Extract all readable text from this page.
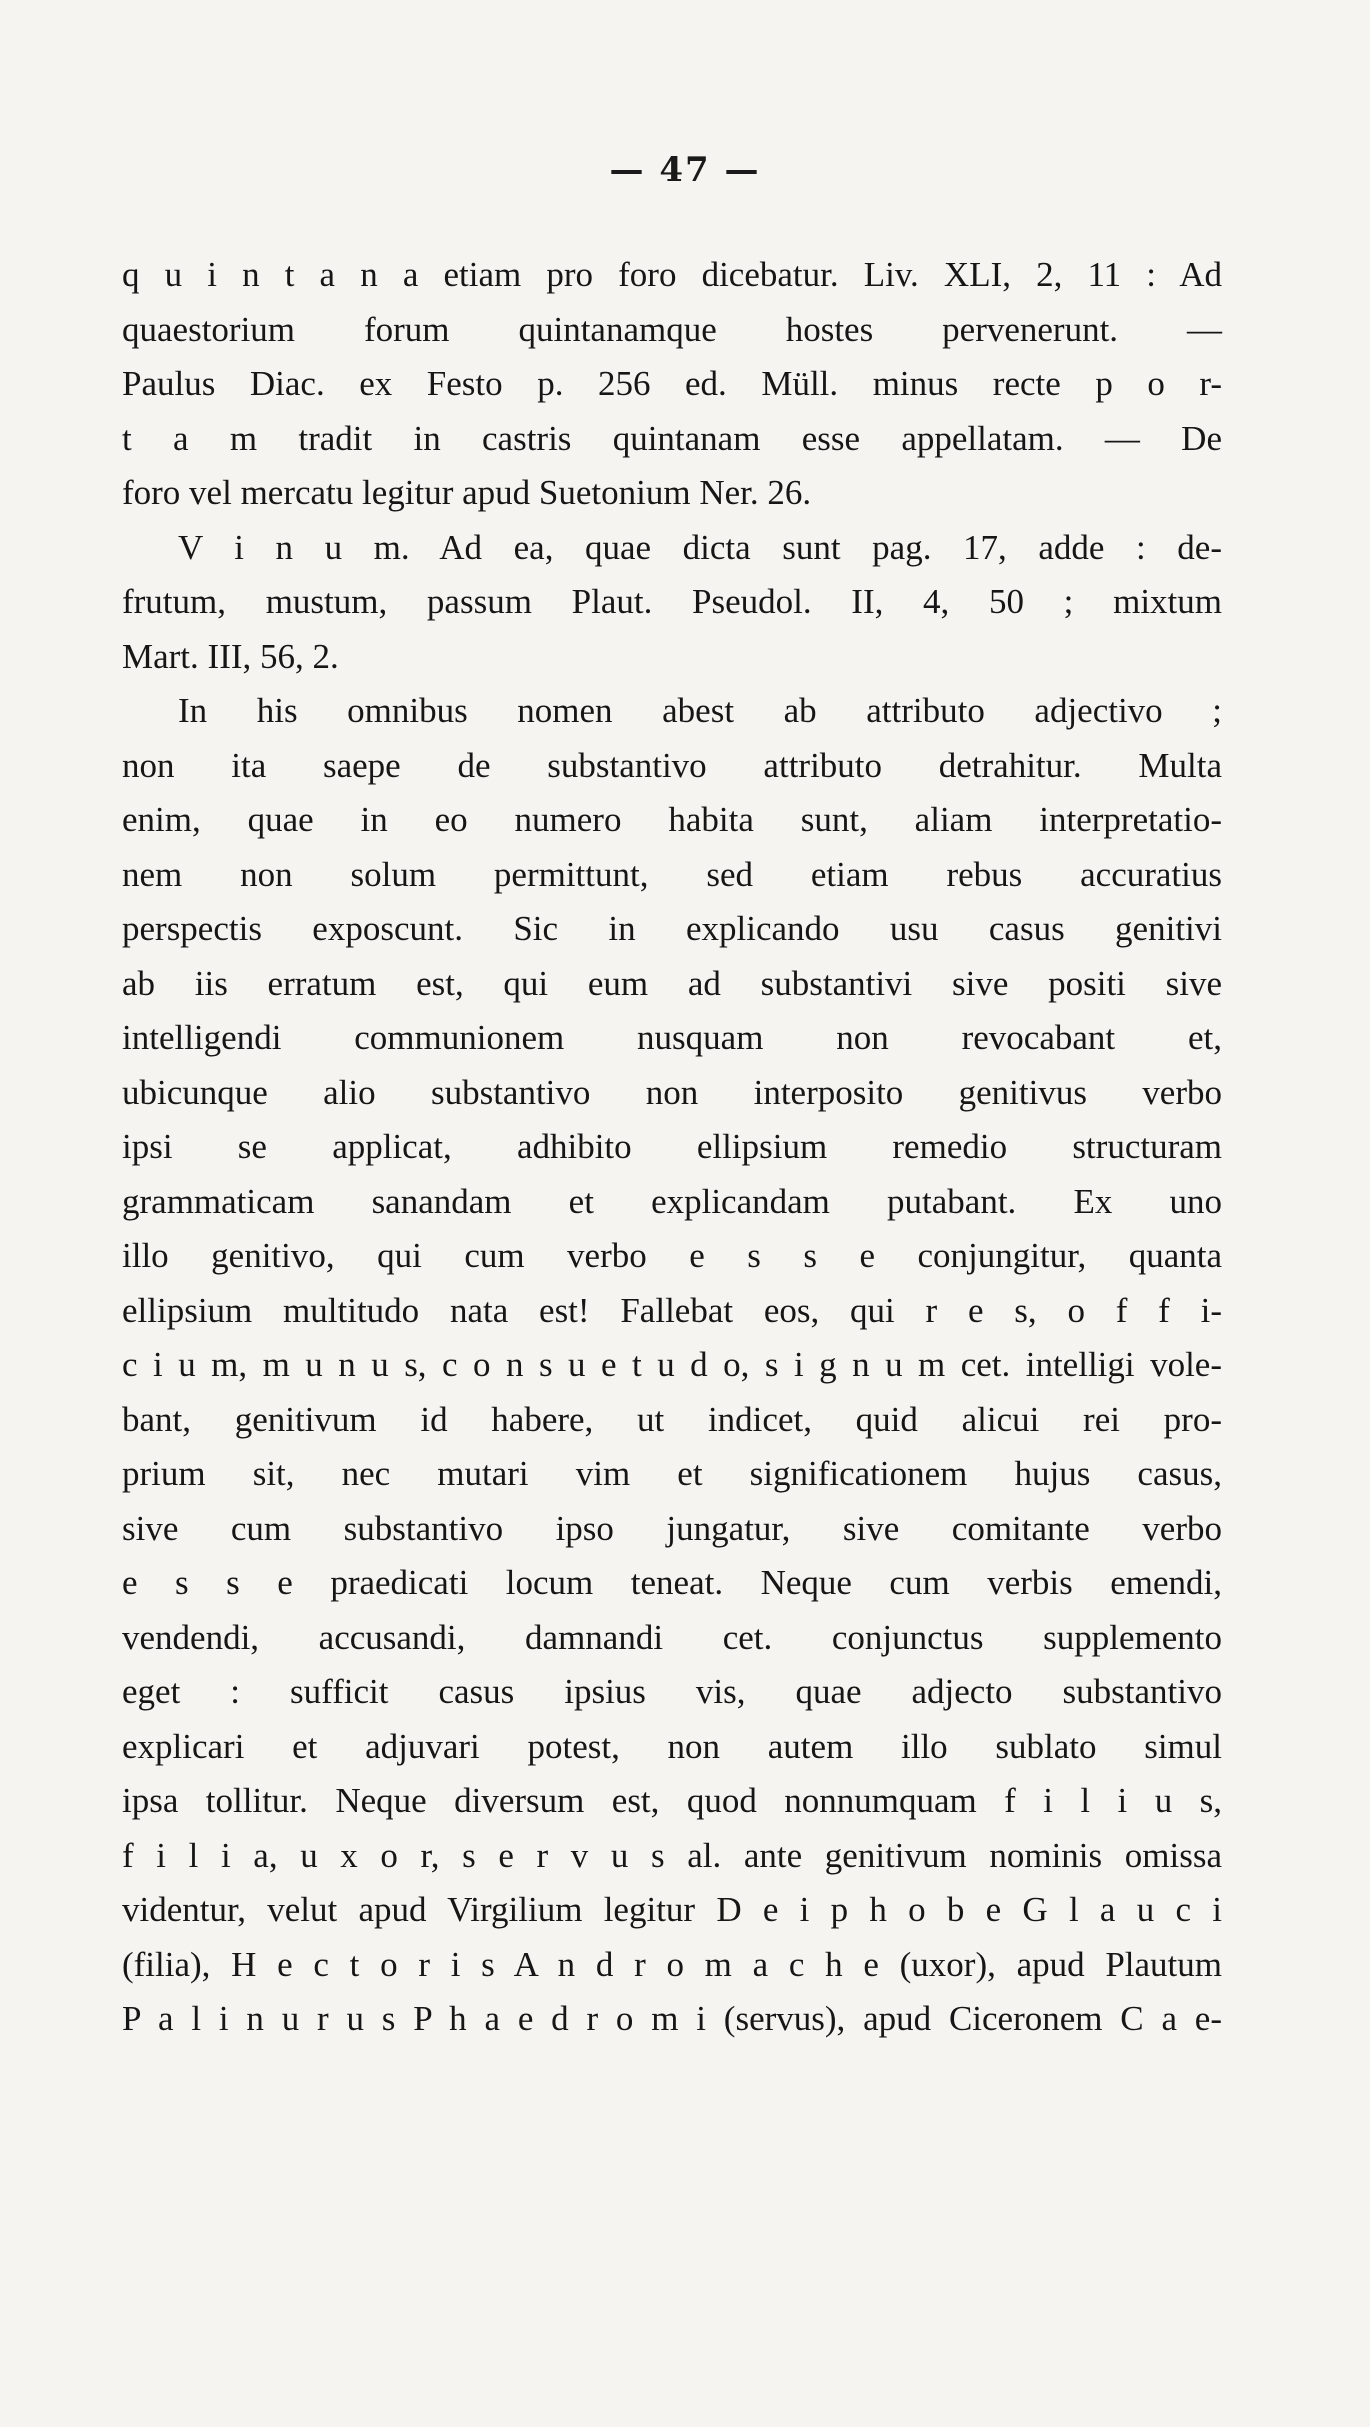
— 47 —
q u i n t a n a etiam pro foro dicebatur. Liv. XLI, 2, 11 : Ad
quaestorium forum quintanamque hostes pervenerunt. —
Paulus Diac. ex Festo p. 256 ed. Müll. minus recte p o r-
t a m tradit in castris quintanam esse appellatam. — De
foro vel mercatu legitur apud Suetonium Ner. 26.
V i n u m. Ad ea, quae dicta sunt pag. 17, adde : de-
frutum, mustum, passum Plaut. Pseudol. II, 4, 50 ; mixtum
Mart. III, 56, 2.
In his omnibus nomen abest ab attributo adjectivo ;
non ita saepe de substantivo attributo detrahitur. Multa
enim, quae in eo numero habita sunt, aliam interpretatio-
nem non solum permittunt, sed etiam rebus accuratius
perspectis exposcunt. Sic in explicando usu casus genitivi
ab iis erratum est, qui eum ad substantivi sive positi sive
intelligendi communionem nusquam non revocabant et,
ubicunque alio substantivo non interposito genitivus verbo
ipsi se applicat, adhibito ellipsium remedio structuram
grammaticam sanandam et explicandam putabant. Ex uno
illo genitivo, qui cum verbo e s s e conjungitur, quanta
ellipsium multitudo nata est! Fallebat eos, qui r e s, o f f i-
c i u m, m u n u s, c o n s u e t u d o, s i g n u m cet. intelligi vole-
bant, genitivum id habere, ut indicet, quid alicui rei pro-
prium sit, nec mutari vim et significationem hujus casus,
sive cum substantivo ipso jungatur, sive comitante verbo
e s s e praedicati locum teneat. Neque cum verbis emendi,
vendendi, accusandi, damnandi cet. conjunctus supplemento
eget : sufficit casus ipsius vis, quae adjecto substantivo
explicari et adjuvari potest, non autem illo sublato simul
ipsa tollitur. Neque diversum est, quod nonnumquam f i l i u s,
f i l i a, u x o r, s e r v u s al. ante genitivum nominis omissa
videntur, velut apud Virgilium legitur D e i p h o b e G l a u c i
(filia), H e c t o r i s A n d r o m a c h e (uxor), apud Plautum
P a l i n u r u s P h a e d r o m i (servus), apud Ciceronem C a e-
